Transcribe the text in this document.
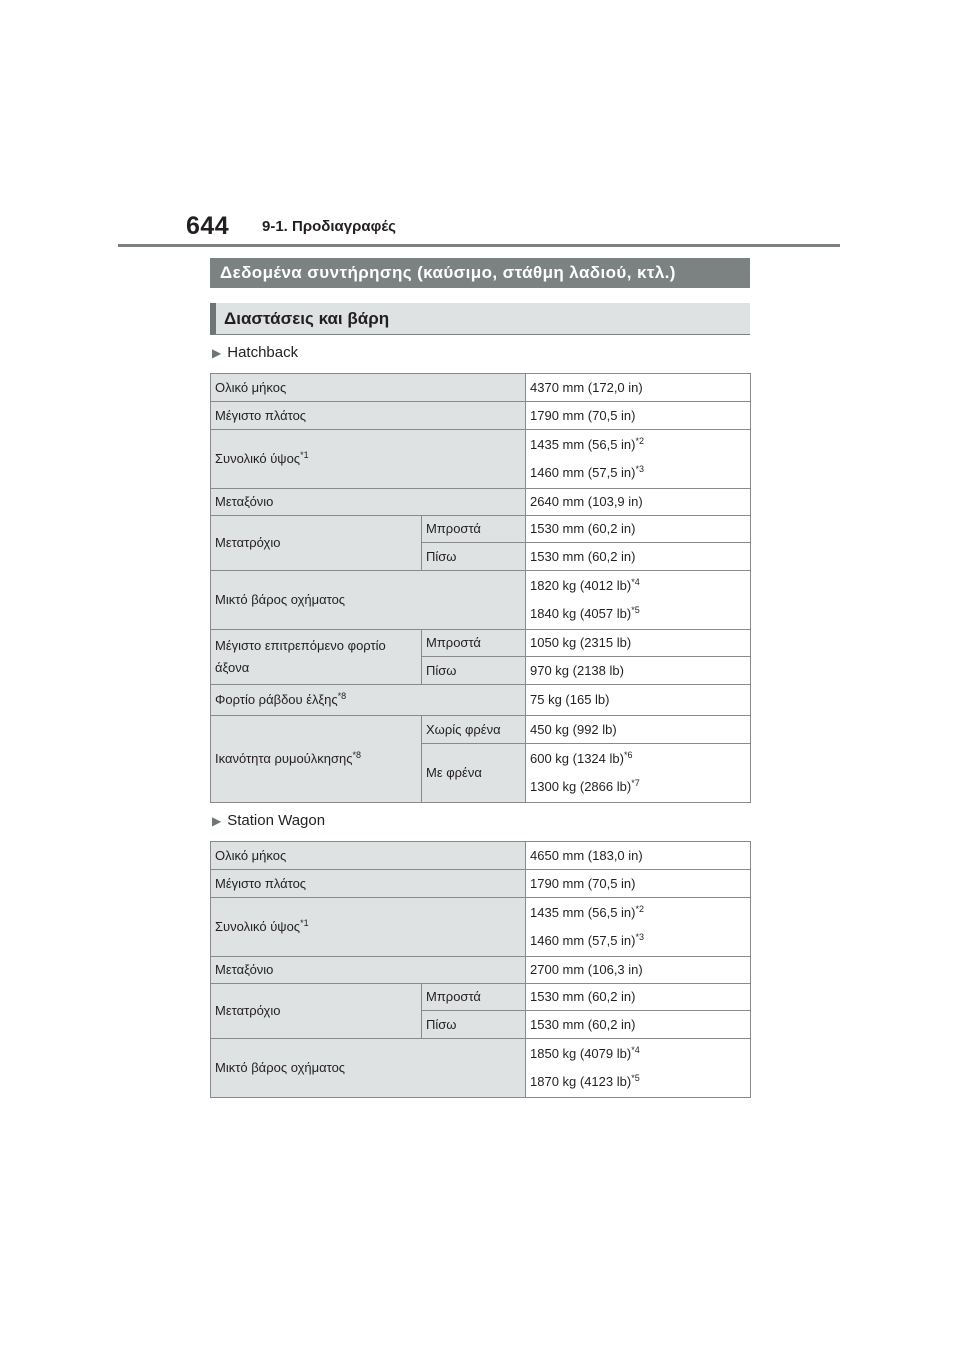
644 9-1. Προδιαγραφές
Δεδομένα συντήρησης (καύσιμο, στάθμη λαδιού, κτλ.)
Διαστάσεις και βάρη
▶ Hatchback
Ολικό μήκος		4370 mm (172,0 in)
Μέγιστο πλάτος		1790 mm (70,5 in)
Συνολικό ύψος$^{*1}$		1435 mm (56,5 in)$^{*2}$
1460 mm (57,5 in)$^{*3}$

Μεταξόνιο		2640 mm (103,9 in)
Μετατρόχιο	Μπροστά	1530 mm (60,2 in)
	Πίσω	1530 mm (60,2 in)
Μικτό βάρος οχήματος		1820 kg (4012 lb)$^{*4}$
1840 kg (4057 lb)$^{*5}$

Μέγιστο επιτρεπόμενο φορτίο άξονα	Μπροστά	1050 kg (2315 lb)
	Πίσω	970 kg (2138 lb)
Φορτίο ράβδου έλξης$^{*8}$		75 kg (165 lb)
Ικανότητα ρυμούλκησης$^{*8}$	Χωρίς φρένα	450 kg (992 lb)
	Με φρένα	600 kg (1324 lb)$^{*6}$
1300 kg (2866 lb)$^{*7}$
▶ Station Wagon
Ολικό μήκος		4650 mm (183,0 in)
Μέγιστο πλάτος		1790 mm (70,5 in)
Συνολικό ύψος$^{*1}$		1435 mm (56,5 in)$^{*2}$
1460 mm (57,5 in)$^{*3}$

Μεταξόνιο		2700 mm (106,3 in)
Μετατρόχιο	Μπροστά	1530 mm (60,2 in)
	Πίσω	1530 mm (60,2 in)
Μικτό βάρος οχήματος		1850 kg (4079 lb)$^{*4}$
1870 kg (4123 lb)$^{*5}$
